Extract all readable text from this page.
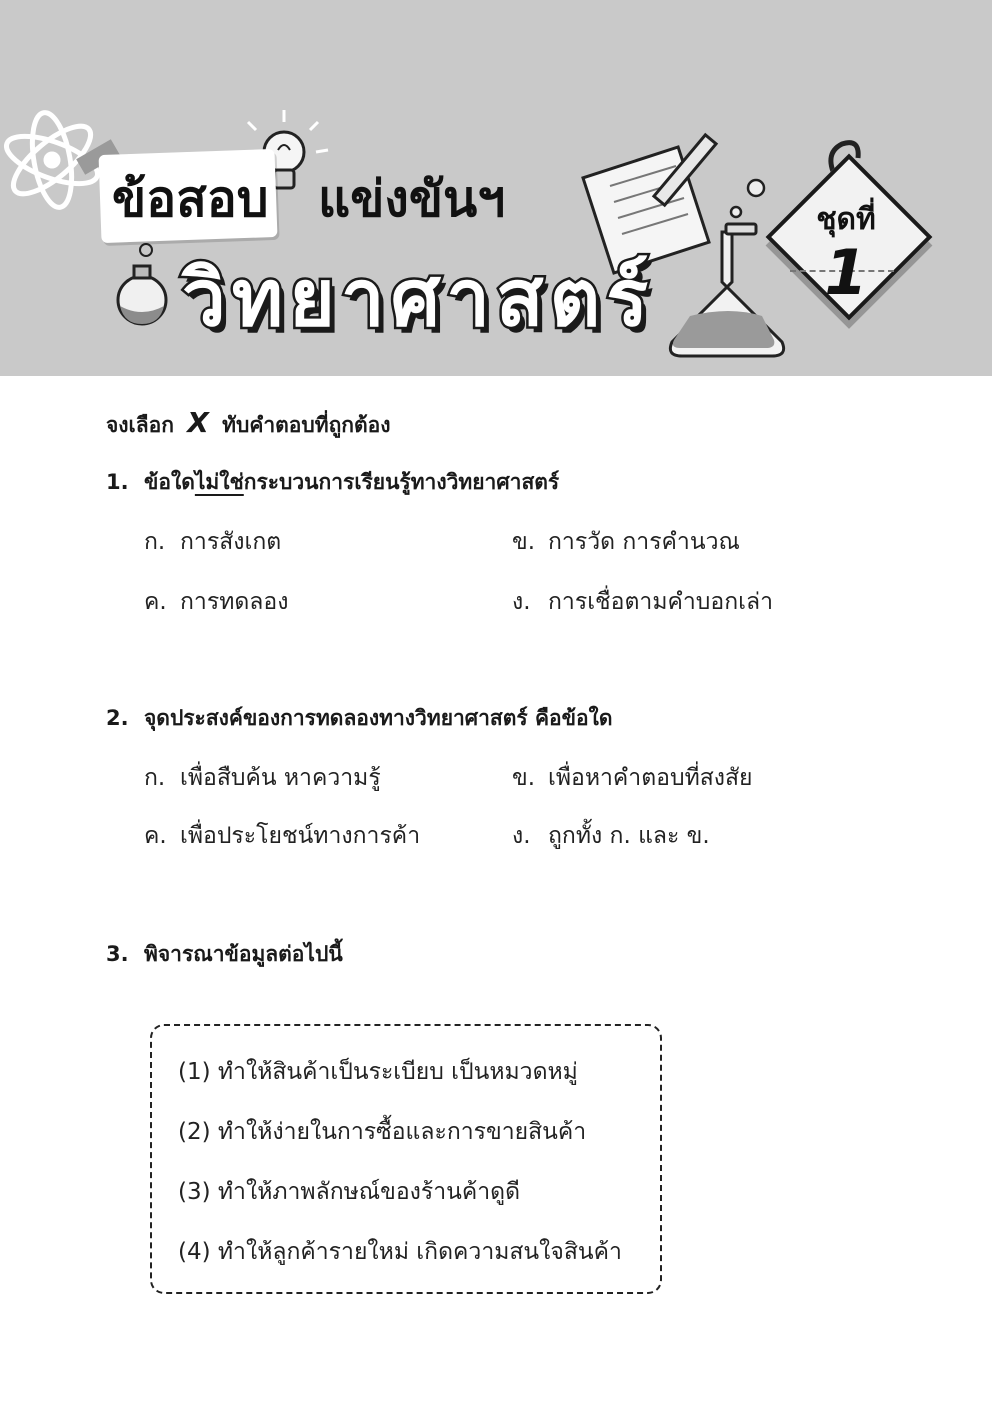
ข้อสอบ แข่งขันฯ
วิทยาศาสตร์
ชุดที่
1
จงเลือก X ทับคำตอบที่ถูกต้อง
1. ข้อใดไม่ใช่กระบวนการเรียนรู้ทางวิทยาศาสตร์
ก. การสังเกต	ข. การวัด การคำนวณ
ค. การทดลอง	ง. การเชื่อตามคำบอกเล่า
2. จุดประสงค์ของการทดลองทางวิทยาศาสตร์ คือข้อใด
ก. เพื่อสืบค้น หาความรู้	ข. เพื่อหาคำตอบที่สงสัย
ค. เพื่อประโยชน์ทางการค้า	ง. ถูกทั้ง ก. และ ข.
3. พิจารณาข้อมูลต่อไปนี้
(1) ทำให้สินค้าเป็นระเบียบ เป็นหมวดหมู่
(2) ทำให้ง่ายในการซื้อและการขายสินค้า
(3) ทำให้ภาพลักษณ์ของร้านค้าดูดี
(4) ทำให้ลูกค้ารายใหม่ เกิดความสนใจสินค้า
